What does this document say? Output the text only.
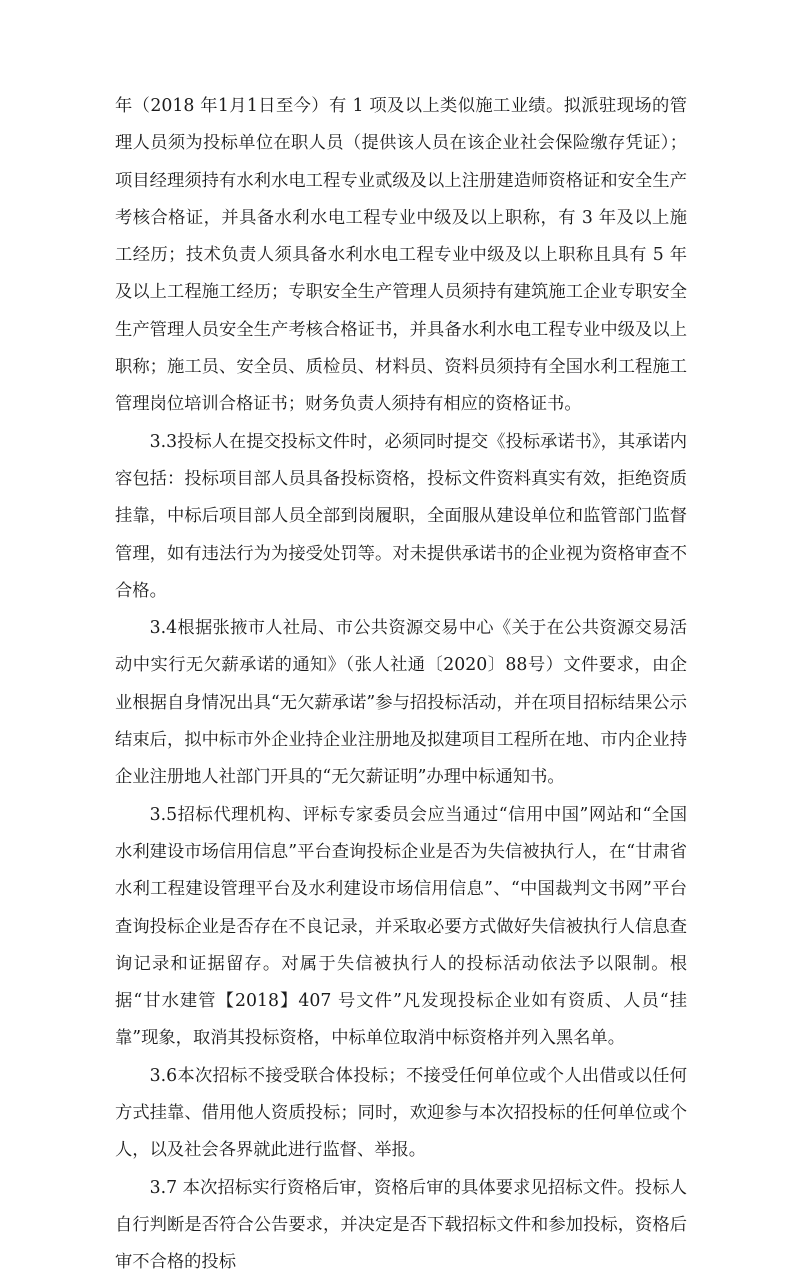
年（2018 年1月1日至今）有 1 项及以上类似施工业绩。拟派驻现场的管理人员须为投标单位在职人员（提供该人员在该企业社会保险缴存凭证）；项目经理须持有水利水电工程专业贰级及以上注册建造师资格证和安全生产考核合格证，并具备水利水电工程专业中级及以上职称，有 3 年及以上施工经历；技术负责人须具备水利水电工程专业中级及以上职称且具有 5 年及以上工程施工经历；专职安全生产管理人员须持有建筑施工企业专职安全生产管理人员安全生产考核合格证书，并具备水利水电工程专业中级及以上职称；施工员、安全员、质检员、材料员、资料员须持有全国水利工程施工管理岗位培训合格证书；财务负责人须持有相应的资格证书。

3.3投标人在提交投标文件时，必须同时提交《投标承诺书》，其承诺内容包括：投标项目部人员具备投标资格，投标文件资料真实有效，拒绝资质挂靠，中标后项目部人员全部到岗履职，全面服从建设单位和监管部门监督管理，如有违法行为为接受处罚等。对未提供承诺书的企业视为资格审查不合格。

3.4根据张掖市人社局、市公共资源交易中心《关于在公共资源交易活动中实行无欠薪承诺的通知》（张人社通〔2020〕88号）文件要求，由企业根据自身情况出具“无欠薪承诺”参与招投标活动，并在项目招标结果公示结束后，拟中标市外企业持企业注册地及拟建项目工程所在地、市内企业持企业注册地人社部门开具的“无欠薪证明”办理中标通知书。

3.5招标代理机构、评标专家委员会应当通过“信用中国”网站和“全国水利建设市场信用信息”平台查询投标企业是否为失信被执行人，在“甘肃省水利工程建设管理平台及水利建设市场信用信息”、“中国裁判文书网”平台查询投标企业是否存在不良记录，并采取必要方式做好失信被执行人信息查询记录和证据留存。对属于失信被执行人的投标活动依法予以限制。根据“甘水建管【2018】407 号文件”凡发现投标企业如有资质、人员“挂靠”现象，取消其投标资格，中标单位取消中标资格并列入黑名单。

3.6本次招标不接受联合体投标；不接受任何单位或个人出借或以任何方式挂靠、借用他人资质投标；同时，欢迎参与本次招投标的任何单位或个人，以及社会各界就此进行监督、举报。

3.7 本次招标实行资格后审，资格后审的具体要求见招标文件。投标人自行判断是否符合公告要求，并决定是否下载招标文件和参加投标，资格后审不合格的投标
